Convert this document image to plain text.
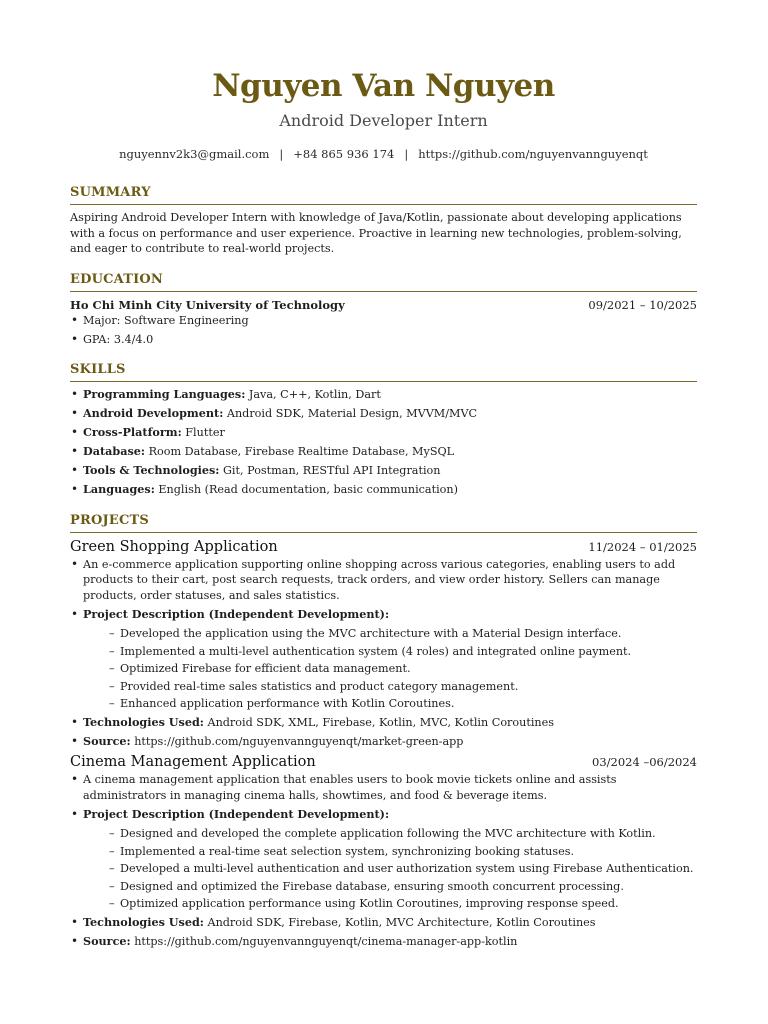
Nguyen Van Nguyen
Android Developer Intern
nguyennv2k3@gmail.com | +84 865 936 174 | https://github.com/nguyenvannguyenqt
SUMMARY
Aspiring Android Developer Intern with knowledge of Java/Kotlin, passionate about developing applications with a focus on performance and user experience. Proactive in learning new technologies, problem-solving, and eager to contribute to real-world projects.
EDUCATION
Ho Chi Minh City University of Technology	09/2021 – 10/2025
• Major: Software Engineering
• GPA: 3.4/4.0
SKILLS
• Programming Languages: Java, C++, Kotlin, Dart
• Android Development: Android SDK, Material Design, MVVM/MVC
• Cross-Platform: Flutter
• Database: Room Database, Firebase Realtime Database, MySQL
• Tools & Technologies: Git, Postman, RESTful API Integration
• Languages: English (Read documentation, basic communication)
PROJECTS
Green Shopping Application	11/2024 – 01/2025
• An e-commerce application supporting online shopping across various categories, enabling users to add products to their cart, post search requests, track orders, and view order history. Sellers can manage products, order statuses, and sales statistics.
• Project Description (Independent Development):
– Developed the application using the MVC architecture with a Material Design interface.
– Implemented a multi-level authentication system (4 roles) and integrated online payment.
– Optimized Firebase for efficient data management.
– Provided real-time sales statistics and product category management.
– Enhanced application performance with Kotlin Coroutines.
• Technologies Used: Android SDK, XML, Firebase, Kotlin, MVC, Kotlin Coroutines
• Source: https://github.com/nguyenvannguyenqt/market-green-app
Cinema Management Application	03/2024 –06/2024
• A cinema management application that enables users to book movie tickets online and assists administrators in managing cinema halls, showtimes, and food & beverage items.
• Project Description (Independent Development):
– Designed and developed the complete application following the MVC architecture with Kotlin.
– Implemented a real-time seat selection system, synchronizing booking statuses.
– Developed a multi-level authentication and user authorization system using Firebase Authentication.
– Designed and optimized the Firebase database, ensuring smooth concurrent processing.
– Optimized application performance using Kotlin Coroutines, improving response speed.
• Technologies Used: Android SDK, Firebase, Kotlin, MVC Architecture, Kotlin Coroutines
• Source: https://github.com/nguyenvannguyenqt/cinema-manager-app-kotlin
